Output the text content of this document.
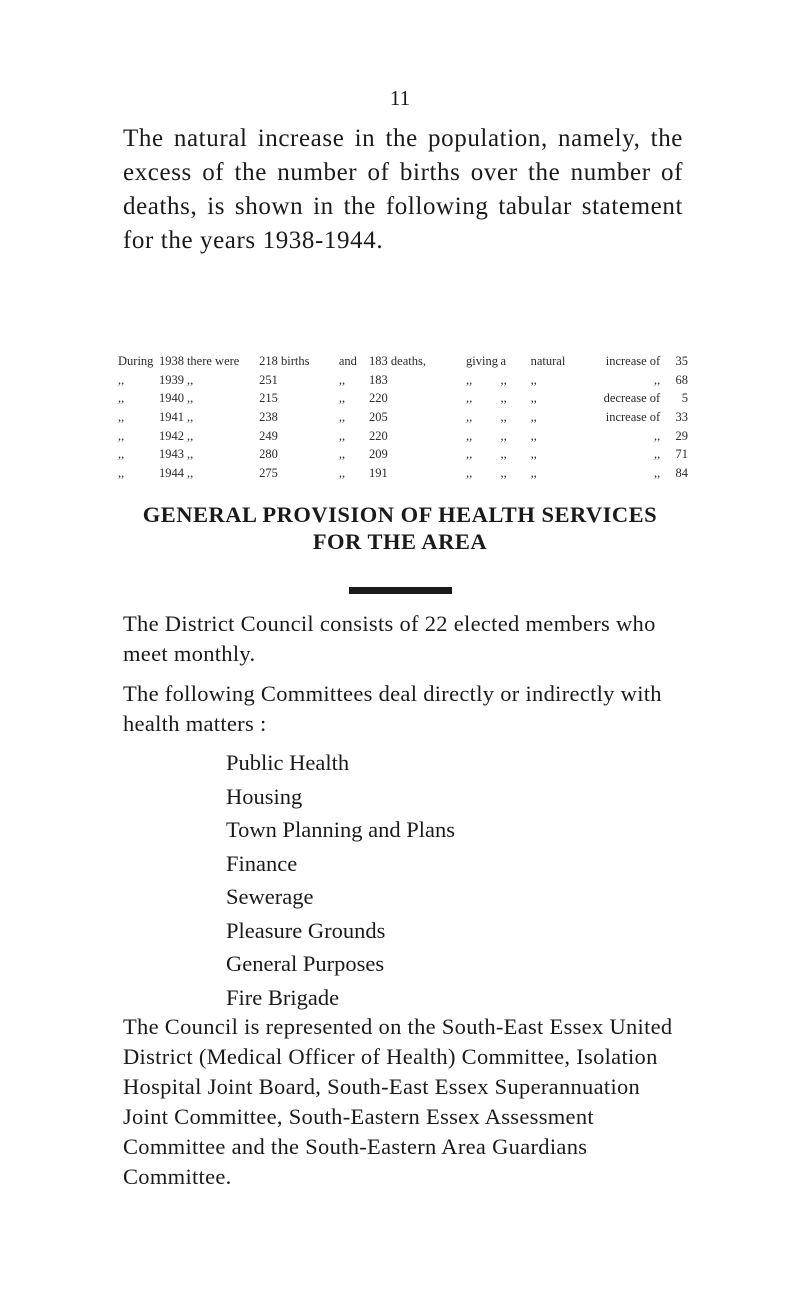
11

The natural increase in the population, namely, the excess of the number of births over the number of deaths, is shown in the following tabular statement for the years 1938-1944.

During	1938	there were	218 births	and	183 deaths,	giving	a	natural	increase of	35
,,	1939	,,	251	,,	183	,,	,,	,,	,,	68
,,	1940	,,	215	,,	220	,,	,,	,,	decrease of	5
,,	1941	,,	238	,,	205	,,	,,	,,	increase of	33
,,	1942	,,	249	,,	220	,,	,,	,,	,,	29
,,	1943	,,	280	,,	209	,,	,,	,,	,,	71
,,	1944	,,	275	,,	191	,,	,,	,,	,,	84
GENERAL PROVISION OF HEALTH SERVICES
FOR THE AREA

The District Council consists of 22 elected members who meet monthly.

The following Committees deal directly or indirectly with health matters :

Public Health
Housing
Town Planning and Plans
Finance
Sewerage
Pleasure Grounds
General Purposes
Fire Brigade

The Council is represented on the South-East Essex United District (Medical Officer of Health) Committee, Isolation Hospital Joint Board, South-East Essex Superannuation Joint Committee, South-Eastern Essex Assessment Committee and the South-Eastern Area Guardians Committee.
